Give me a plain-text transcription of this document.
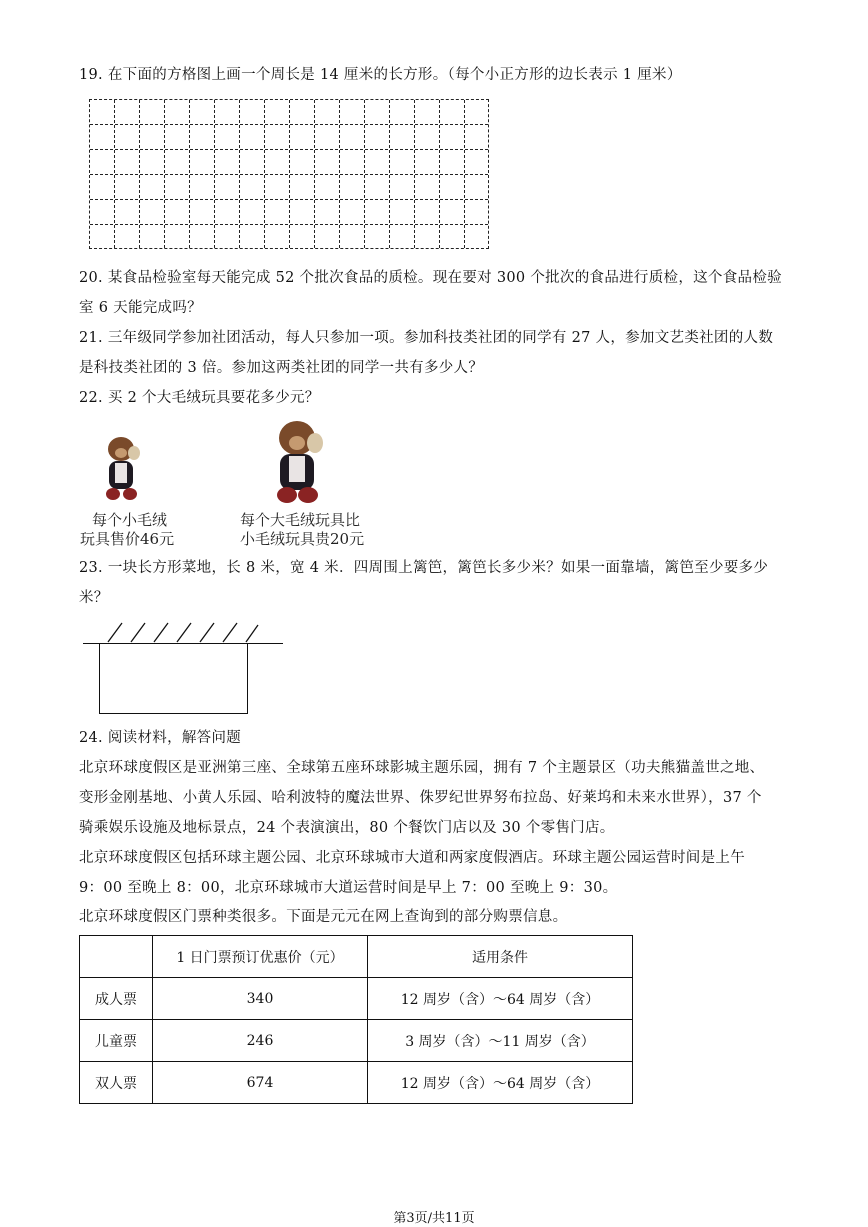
19. 在下面的方格图上画一个周长是 14 厘米的长方形。（每个小正方形的边长表示 1 厘米）
20. 某食品检验室每天能完成 52 个批次食品的质检。现在要对 300 个批次的食品进行质检，这个食品检验
室 6 天能完成吗？
21. 三年级同学参加社团活动，每人只参加一项。参加科技类社团的同学有 27 人，参加文艺类社团的人数
是科技类社团的 3 倍。参加这两类社团的同学一共有多少人？
22. 买 2 个大毛绒玩具要花多少元？
每个小毛绒
玩具售价46元
每个大毛绒玩具比
小毛绒玩具贵20元
23. 一块长方形菜地，长 8 米，宽 4 米．四周围上篱笆，篱笆长多少米？如果一面靠墙，篱笆至少要多少
米？
24. 阅读材料，解答问题
北京环球度假区是亚洲第三座、全球第五座环球影城主题乐园，拥有 7 个主题景区（功夫熊猫盖世之地、
变形金刚基地、小黄人乐园、哈利波特的魔法世界、侏罗纪世界努布拉岛、好莱坞和未来水世界），37 个
骑乘娱乐设施及地标景点，24 个表演演出，80 个餐饮门店以及 30 个零售门店。
北京环球度假区包括环球主题公园、北京环球城市大道和两家度假酒店。环球主题公园运营时间是上午
9：00 至晚上 8：00，北京环球城市大道运营时间是早上 7：00 至晚上 9：30。
北京环球度假区门票种类很多。下面是元元在网上查询到的部分购票信息。
	1 日门票预订优惠价（元）	适用条件
成人票	340	12 周岁（含）～64 周岁（含）
儿童票	246	3 周岁（含）～11 周岁（含）
双人票	674	12 周岁（含）～64 周岁（含）
第3页/共11页
